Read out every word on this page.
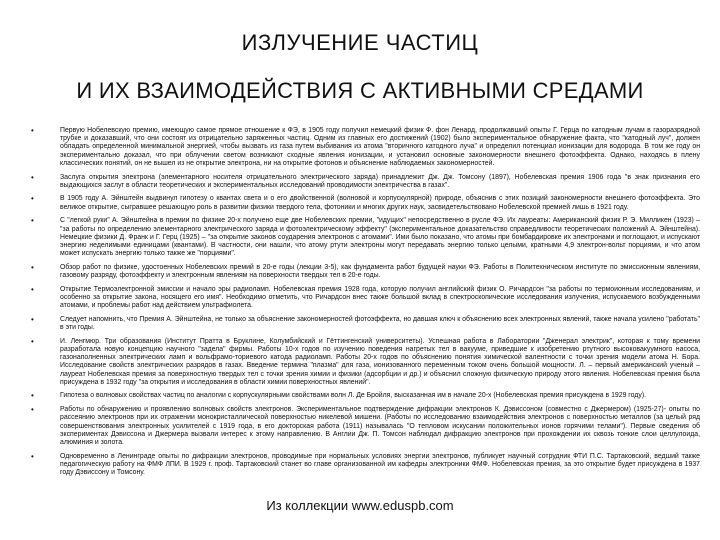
ИЗЛУЧЕНИЕ ЧАСТИЦ
И ИХ ВЗАИМОДЕЙСТВИЯ С АКТИВНЫМИ СРЕДАМИ
•	Первую Нобелевскую премию, имеющую самое прямое отношение к ФЭ, в 1905 году получил немецкий физик Ф. фон Ленард, продолжавший опыты Г. Герца по катодным лучам в газоразрядной трубке и доказавший, что они состоят из отрицательно заряженных частиц. Одним из главных его достижений (1902) было экспериментальное обнаружение факта, что "катодный луч", должен обладать определенной минимальной энергией, чтобы вызвать из газа путем выбивания из атома "вторичного катодного луча" и определил потенциал ионизации для водорода. В том же году он экспериментально доказал, что при облучении светом возникают сходные явления ионизации, и установил основные закономерности внешнего фотоэффекта. Однако, находясь в плену классических понятий, он не вышел из не открытие электрона, ни на открытие фотонов и объяснение наблюдаемых закономерностей.
•	Заслуга открытия электрона (элементарного носителя отрицательного электрического заряда) принадлежит Дж. Дж. Томсону (1897), Нобелевская премия 1906 года "в знак признания его выдающихся заслуг в области теоретических и экспериментальных исследований проводимости электричества в газах".
•	В 1905 году А. Эйнштейн выдвинул гипотезу о квантах света и о его двойственной (волновой и корпускулярной) природе, объяснив с этих позиций закономерности внешнего фотоэффекта. Это великое открытие, сыгравшее решающую роль в развитии физики твердого тела, фотоники и многих других наук, засвидетельствовано Нобелевской премией лишь в 1921 году.
•	С "легкой руки" А. Эйнштейна в премии по физике 20-х получено еще две Нобелевских премии, "идущих" непосредственно в русле ФЭ. Их лауреаты: Американский физик Р. Э. Милликен (1923) – "за работы по определению элементарного электрического заряда и фотоэлектрическому эффекту" (экспериментальное доказательство справедливости теоретических положений А. Эйнштейна). Немецкие физики Д. Франк и Г. Герц (1925) – "за открытие законов соударения электронов с атомами". Ими было показано, что атомы при бомбардировке их электронами и поглощают, и испускают энергию неделимыми единицами (квантами). В частности, они нашли, что атому ртути электроны могут передавать энергию только целыми, кратными 4,9 электрон-вольт порциями, и что атом может испускать энергию только также же "порциями".
•	Обзор работ по физике, удостоенных Нобелевских премий в 20-е годы (лекции 3-5), как фундамента работ будущей науки ФЭ. Работы в Политехническом институте по эмиссионным явлениям, газовому разряду, фотоэффекту и электронным явлениям на поверхности твердых тел в 20-е годы.
•	Открытие Термоэлектронной эмиссии и начало эры радиоламп. Нобелевская премия 1928 года, которую получил английский физик О. Ричардсон "за работы по термоионным исследованиям, и особенно за открытие закона, носящего его имя". Необходимо отметить, что Ричардсон внес также большой вклад в спектроскопические исследования излучения, испускаемого возбужденными атомами, и проблемы работ над действием ультрафиолета.
•	Следует напомнить, что Премия А. Эйнштейна, не только за объяснение закономерностей фотоэффекта, но давшая ключ к объяснению всех электронных явлений, также начала усилено "работать" в эти годы.
•	И. Ленгмюр. Три образования (Институт Пратта в Бруклине, Колумбийский и Гёттингенский университеты). Успешная работа в Лаборатории "Дженерал электрик", которая к тому времени разработала новую концепцию научного "задела" фирмы. Работы 10-х годов по изучению поведения нагретых тел в вакууме, приведшие к изобретению ртутного высоковакуумного насоса, газонаполненных электрических ламп и вольфрамо-ториевого катода радиоламп. Работы 20-х годов по объяснению понятия химической валентности с точки зрения модели атома Н. Бора. Исследование свойств электрических разрядов в газах. Введение термина "плазма" для газа, ионизованного переменным током очень большой мощности. Л. – первый американский ученый – лауреат Нобелевская премия за поверхностную твердых тел с точки зрения химии и физики (адсорбции и др.) и объяснил сложную физическую природу этого явления. Нобелевская премия была присуждена в 1932 году "за открытия и исследования в области химии поверхностных явлений".
•	Гипотеза о волновых свойствах частиц по аналогии с корпускулярными свойствами волн Л. Де Бройля, высказанная им в начале 20-х (Нобелевская премия присуждена в 1929 году).
•	Работы по обнаружению и проявлению волновых свойств электронов. Экспериментальное подтверждение дифракции электронов К. Дэвиссоном (совместно с Джермером) (1925-27)- опыты по рассеянию электронов при их отражении монокристаллической поверхностью никелевой мишени. (Работы по исследованию взаимодействия электронов с поверхностью металлов (за целый ряд совершенствования электронных усилителей с 1919 года, в его докторская работа (1911) называлась "О тепловом искусании положительных ионов горячими телами"). Первые сведения об экспериментах Дэвиссона и Джермера вызвали интерес к этому направлению. В Англии Дж. П. Томсон наблюдал дифракцию электронов при прохождении их сквозь тонкие слои целлулоида, алюминия и золота.
•	Одновременно в Ленинграде опыты по дифракции электронов, проводимые при нормальных условиях энергии электронов, публикует научный сотрудник ФТИ П.С. Тартаковский, ведший также педагогическую работу на ФМФ ЛПИ. В 1929 г. проф. Тартаковский станет во главе организованной им кафедры электроники ФМФ. Нобелевская премия, за это открытие будет присуждена в 1937 году Дэвиссону и Томсону.
Из коллекции www.eduspb.com
